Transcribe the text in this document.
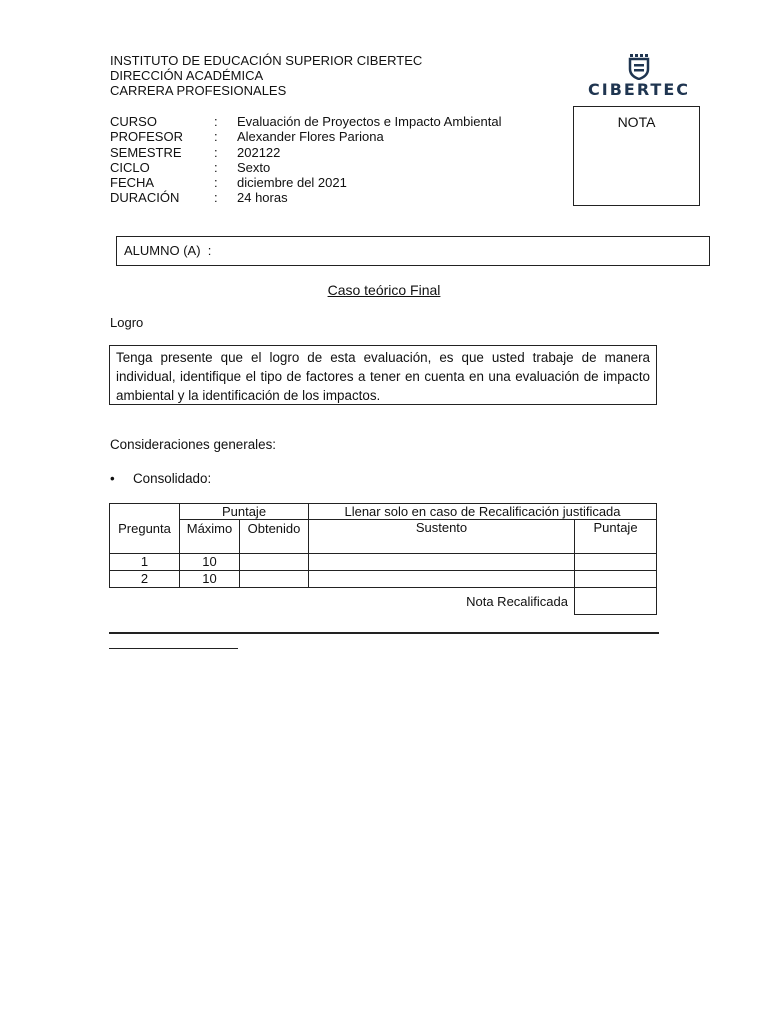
INSTITUTO DE EDUCACIÓN SUPERIOR CIBERTEC
DIRECCIÓN ACADÉMICA
CARRERA PROFESIONALES	CIBERTEC
CURSO	:	Evaluación de Proyectos e Impacto Ambiental
PROFESOR	:	Alexander Flores Pariona
SEMESTRE	:	202122
CICLO	:	Sexto
FECHA	:	diciembre del 2021
DURACIÓN	:	24 horas
NOTA
ALUMNO (A)  :
Caso teórico Final
Logro
Tenga presente que el logro de esta evaluación, es que usted trabaje de manera individual, identifique el tipo de factores a tener en cuenta en una evaluación de impacto ambiental y la identificación de los impactos.
Consideraciones generales:
• Consolidado:
Pregunta	Puntaje		Llenar solo en caso de Recalificación justificada	

	Máximo	Obtenido	Sustento	Puntaje
1	10			
2	10			
			Nota Recalificada	
